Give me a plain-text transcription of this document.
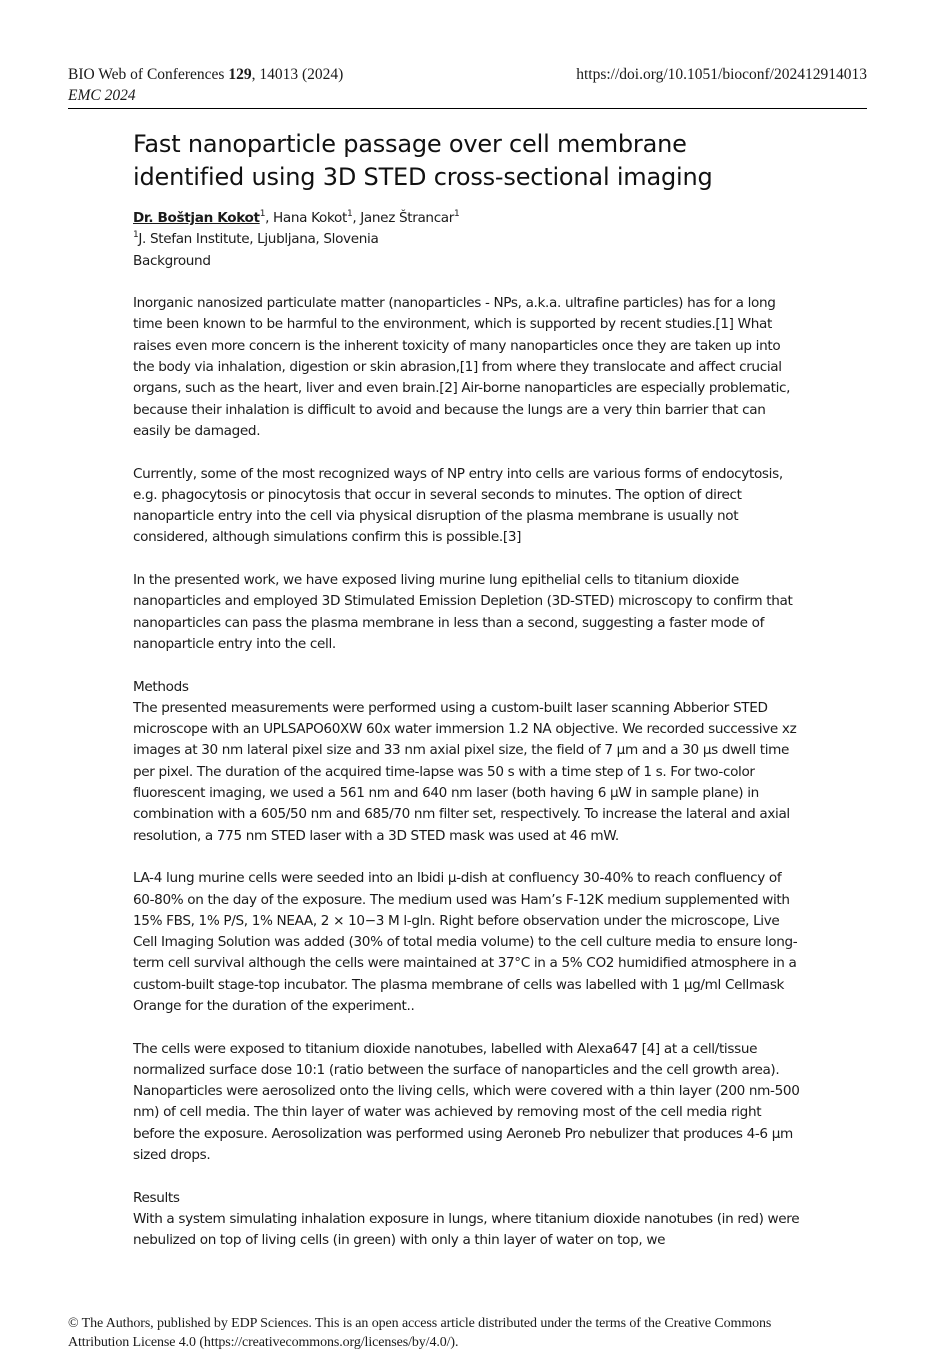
BIO Web of Conferences 129, 14013 (2024)	https://doi.org/10.1051/bioconf/202412914013
EMC 2024
Fast nanoparticle passage over cell membrane
identified using 3D STED cross-sectional imaging

Dr. Boštjan Kokot$^1$, Hana Kokot$^1$, Janez Štrancar$^1$

$^1$J. Stefan Institute, Ljubljana, Slovenia

Background

Inorganic nanosized particulate matter (nanoparticles - NPs, a.k.a. ultrafine particles) has for a long time been known to be harmful to the environment, which is supported by recent studies.[1] What raises even more concern is the inherent toxicity of many nanoparticles once they are taken up into the body via inhalation, digestion or skin abrasion,[1] from where they translocate and affect crucial organs, such as the heart, liver and even brain.[2] Air-borne nanoparticles are especially problematic, because their inhalation is difficult to avoid and because the lungs are a very thin barrier that can easily be damaged.

Currently, some of the most recognized ways of NP entry into cells are various forms of endocytosis, e.g. phagocytosis or pinocytosis that occur in several seconds to minutes. The option of direct nanoparticle entry into the cell via physical disruption of the plasma membrane is usually not considered, although simulations confirm this is possible.[3]

In the presented work, we have exposed living murine lung epithelial cells to titanium dioxide nanoparticles and employed 3D Stimulated Emission Depletion (3D-STED) microscopy to confirm that nanoparticles can pass the plasma membrane in less than a second, suggesting a faster mode of nanoparticle entry into the cell.

Methods

The presented measurements were performed using a custom-built laser scanning Abberior STED microscope with an UPLSAPO60XW 60x water immersion 1.2 NA objective. We recorded successive xz images at 30 nm lateral pixel size and 33 nm axial pixel size, the field of 7 µm and a 30 µs dwell time per pixel. The duration of the acquired time-lapse was 50 s with a time step of 1 s. For two-color fluorescent imaging, we used a 561 nm and 640 nm laser (both having 6 µW in sample plane) in combination with a 605/50 nm and 685/70 nm filter set, respectively. To increase the lateral and axial resolution, a 775 nm STED laser with a 3D STED mask was used at 46 mW.

LA-4 lung murine cells were seeded into an Ibidi µ-dish at confluency 30-40% to reach confluency of 60-80% on the day of the exposure. The medium used was Ham’s F-12K medium supplemented with 15% FBS, 1% P/S, 1% NEAA, 2 × 10−3 M l-gln. Right before observation under the microscope, Live Cell Imaging Solution was added (30% of total media volume) to the cell culture media to ensure long-term cell survival although the cells were maintained at 37°C in a 5% CO2 humidified atmosphere in a custom-built stage-top incubator. The plasma membrane of cells was labelled with 1 µg/ml Cellmask Orange for the duration of the experiment..

The cells were exposed to titanium dioxide nanotubes, labelled with Alexa647 [4] at a cell/tissue normalized surface dose 10:1 (ratio between the surface of nanoparticles and the cell growth area). Nanoparticles were aerosolized onto the living cells, which were covered with a thin layer (200 nm-500 nm) of cell media. The thin layer of water was achieved by removing most of the cell media right before the exposure. Aerosolization was performed using Aeroneb Pro nebulizer that produces 4-6 µm sized drops.

Results

With a system simulating inhalation exposure in lungs, where titanium dioxide nanotubes (in red) were nebulized on top of living cells (in green) with only a thin layer of water on top, we

© The Authors, published by EDP Sciences. This is an open access article distributed under the terms of the Creative Commons
Attribution License 4.0 (https://creativecommons.org/licenses/by/4.0/).
